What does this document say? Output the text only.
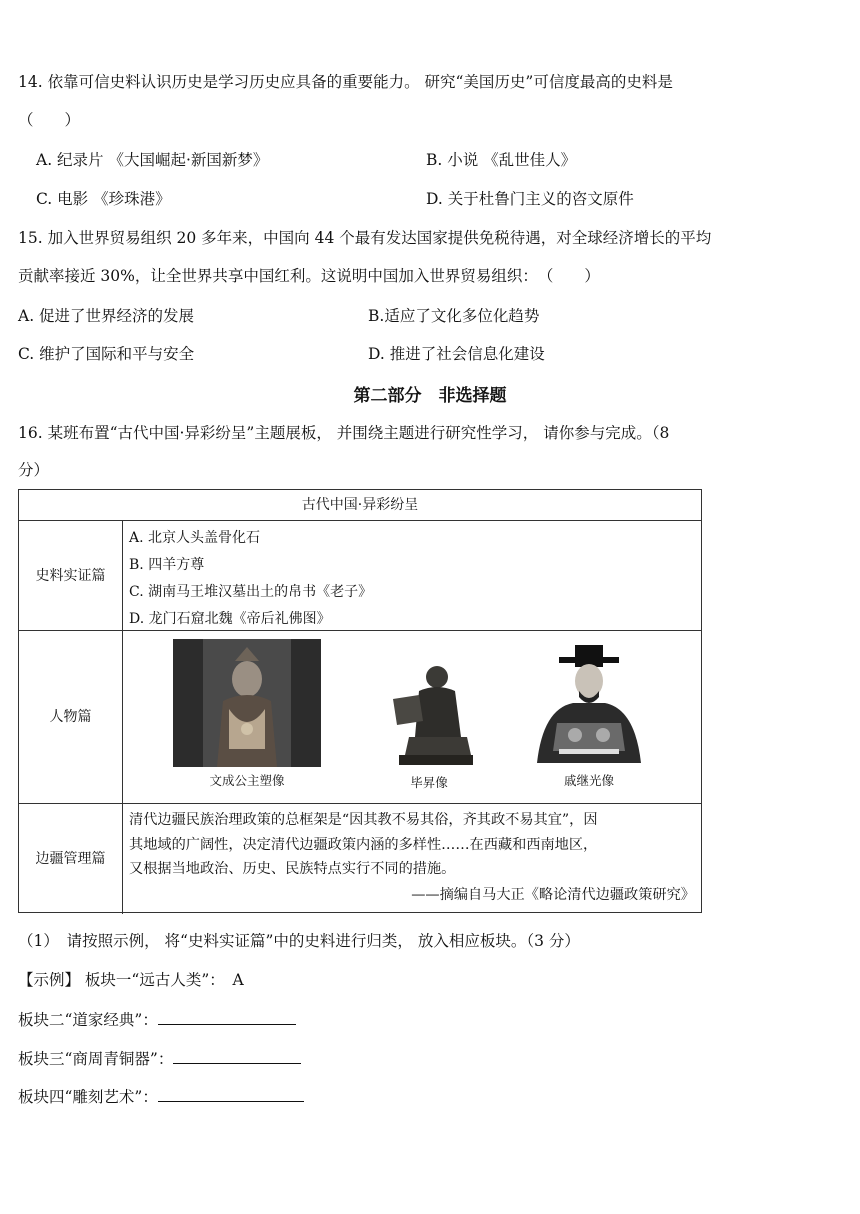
14. 依靠可信史料认识历史是学习历史应具备的重要能力。 研究“美国历史”可信度最高的史料是
（　　）
A. 纪录片 《大国崛起·新国新梦》	B. 小说 《乱世佳人》
C. 电影 《珍珠港》	D. 关于杜鲁门主义的咨文原件
15. 加入世界贸易组织 20 多年来，中国向 44 个最有发达国家提供免税待遇，对全球经济增长的平均
贡献率接近 30%，让全世界共享中国红利。这说明中国加入世界贸易组织：　（　　）
A. 促进了世界经济的发展	B.适应了文化多位化趋势
C. 维护了国际和平与安全	D. 推进了社会信息化建设
第二部分　非选择题
16. 某班布置“古代中国·异彩纷呈”主题展板， 并围绕主题进行研究性学习， 请你参与完成。（8
分）
古代中国·异彩纷呈
史料实证篇
A. 北京人头盖骨化石
B. 四羊方尊
C. 湖南马王堆汉墓出土的帛书《老子》
D. 龙门石窟北魏《帝后礼佛图》
人物篇
文成公主塑像	毕昇像	戚继光像
边疆管理篇
清代边疆民族治理政策的总框架是“因其教不易其俗，齐其政不易其宜”，因
其地域的广阔性，决定清代边疆政策内涵的多样性……在西藏和西南地区，
又根据当地政治、历史、民族特点实行不同的措施。
——摘编自马大正《略论清代边疆政策研究》
（1）　请按照示例， 将“史料实证篇”中的史料进行归类， 放入相应板块。（3 分）
【示例】 板块一“远古人类”：　A
板块二“道家经典”：
板块三“商周青铜器”：
板块四“雕刻艺术”：
